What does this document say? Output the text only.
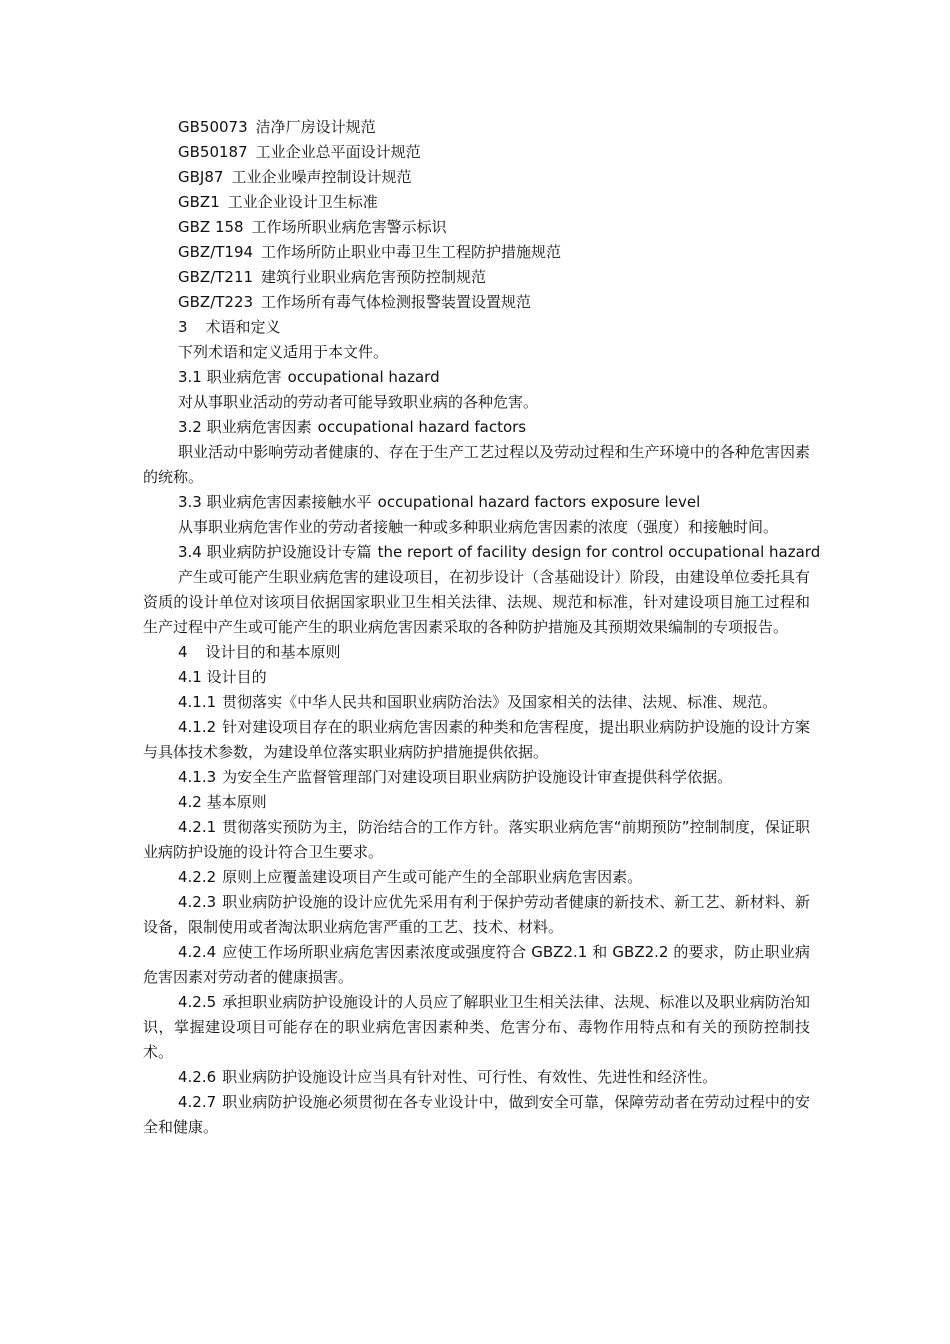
GB50073 洁净厂房设计规范
GB50187 工业企业总平面设计规范
GBJ87 工业企业噪声控制设计规范
GBZ1 工业企业设计卫生标准
GBZ 158 工作场所职业病危害警示标识
GBZ/T194 工作场所防止职业中毒卫生工程防护措施规范
GBZ/T211 建筑行业职业病危害预防控制规范
GBZ/T223 工作场所有毒气体检测报警装置设置规范
3 术语和定义
下列术语和定义适用于本文件。
3.1 职业病危害 occupational hazard

对从事职业活动的劳动者可能导致职业病的各种危害。

3.2 职业病危害因素 occupational hazard factors

职业活动中影响劳动者健康的、存在于生产工艺过程以及劳动过程和生产环境中的各种危害因素的统称。

3.3 职业病危害因素接触水平 occupational hazard factors exposure level

从事职业病危害作业的劳动者接触一种或多种职业病危害因素的浓度（强度）和接触时间。

3.4 职业病防护设施设计专篇 the report of facility design for control occupational hazard

产生或可能产生职业病危害的建设项目，在初步设计（含基础设计）阶段，由建设单位委托具有资质的设计单位对该项目依据国家职业卫生相关法律、法规、规范和标准，针对建设项目施工过程和生产过程中产生或可能产生的职业病危害因素采取的各种防护措施及其预期效果编制的专项报告。

4 设计目的和基本原则
4.1 设计目的

4.1.1 贯彻落实《中华人民共和国职业病防治法》及国家相关的法律、法规、标准、规范。

4.1.2 针对建设项目存在的职业病危害因素的种类和危害程度，提出职业病防护设施的设计方案与具体技术参数，为建设单位落实职业病防护措施提供依据。

4.1.3 为安全生产监督管理部门对建设项目职业病防护设施设计审查提供科学依据。

4.2 基本原则

4.2.1 贯彻落实预防为主，防治结合的工作方针。落实职业病危害“前期预防”控制制度，保证职业病防护设施的设计符合卫生要求。

4.2.2 原则上应覆盖建设项目产生或可能产生的全部职业病危害因素。

4.2.3 职业病防护设施的设计应优先采用有利于保护劳动者健康的新技术、新工艺、新材料、新设备，限制使用或者淘汰职业病危害严重的工艺、技术、材料。

4.2.4 应使工作场所职业病危害因素浓度或强度符合 GBZ2.1 和 GBZ2.2 的要求，防止职业病危害因素对劳动者的健康损害。

4.2.5 承担职业病防护设施设计的人员应了解职业卫生相关法律、法规、标准以及职业病防治知识，掌握建设项目可能存在的职业病危害因素种类、危害分布、毒物作用特点和有关的预防控制技术。

4.2.6 职业病防护设施设计应当具有针对性、可行性、有效性、先进性和经济性。

4.2.7 职业病防护设施必须贯彻在各专业设计中，做到安全可靠，保障劳动者在劳动过程中的安全和健康。
